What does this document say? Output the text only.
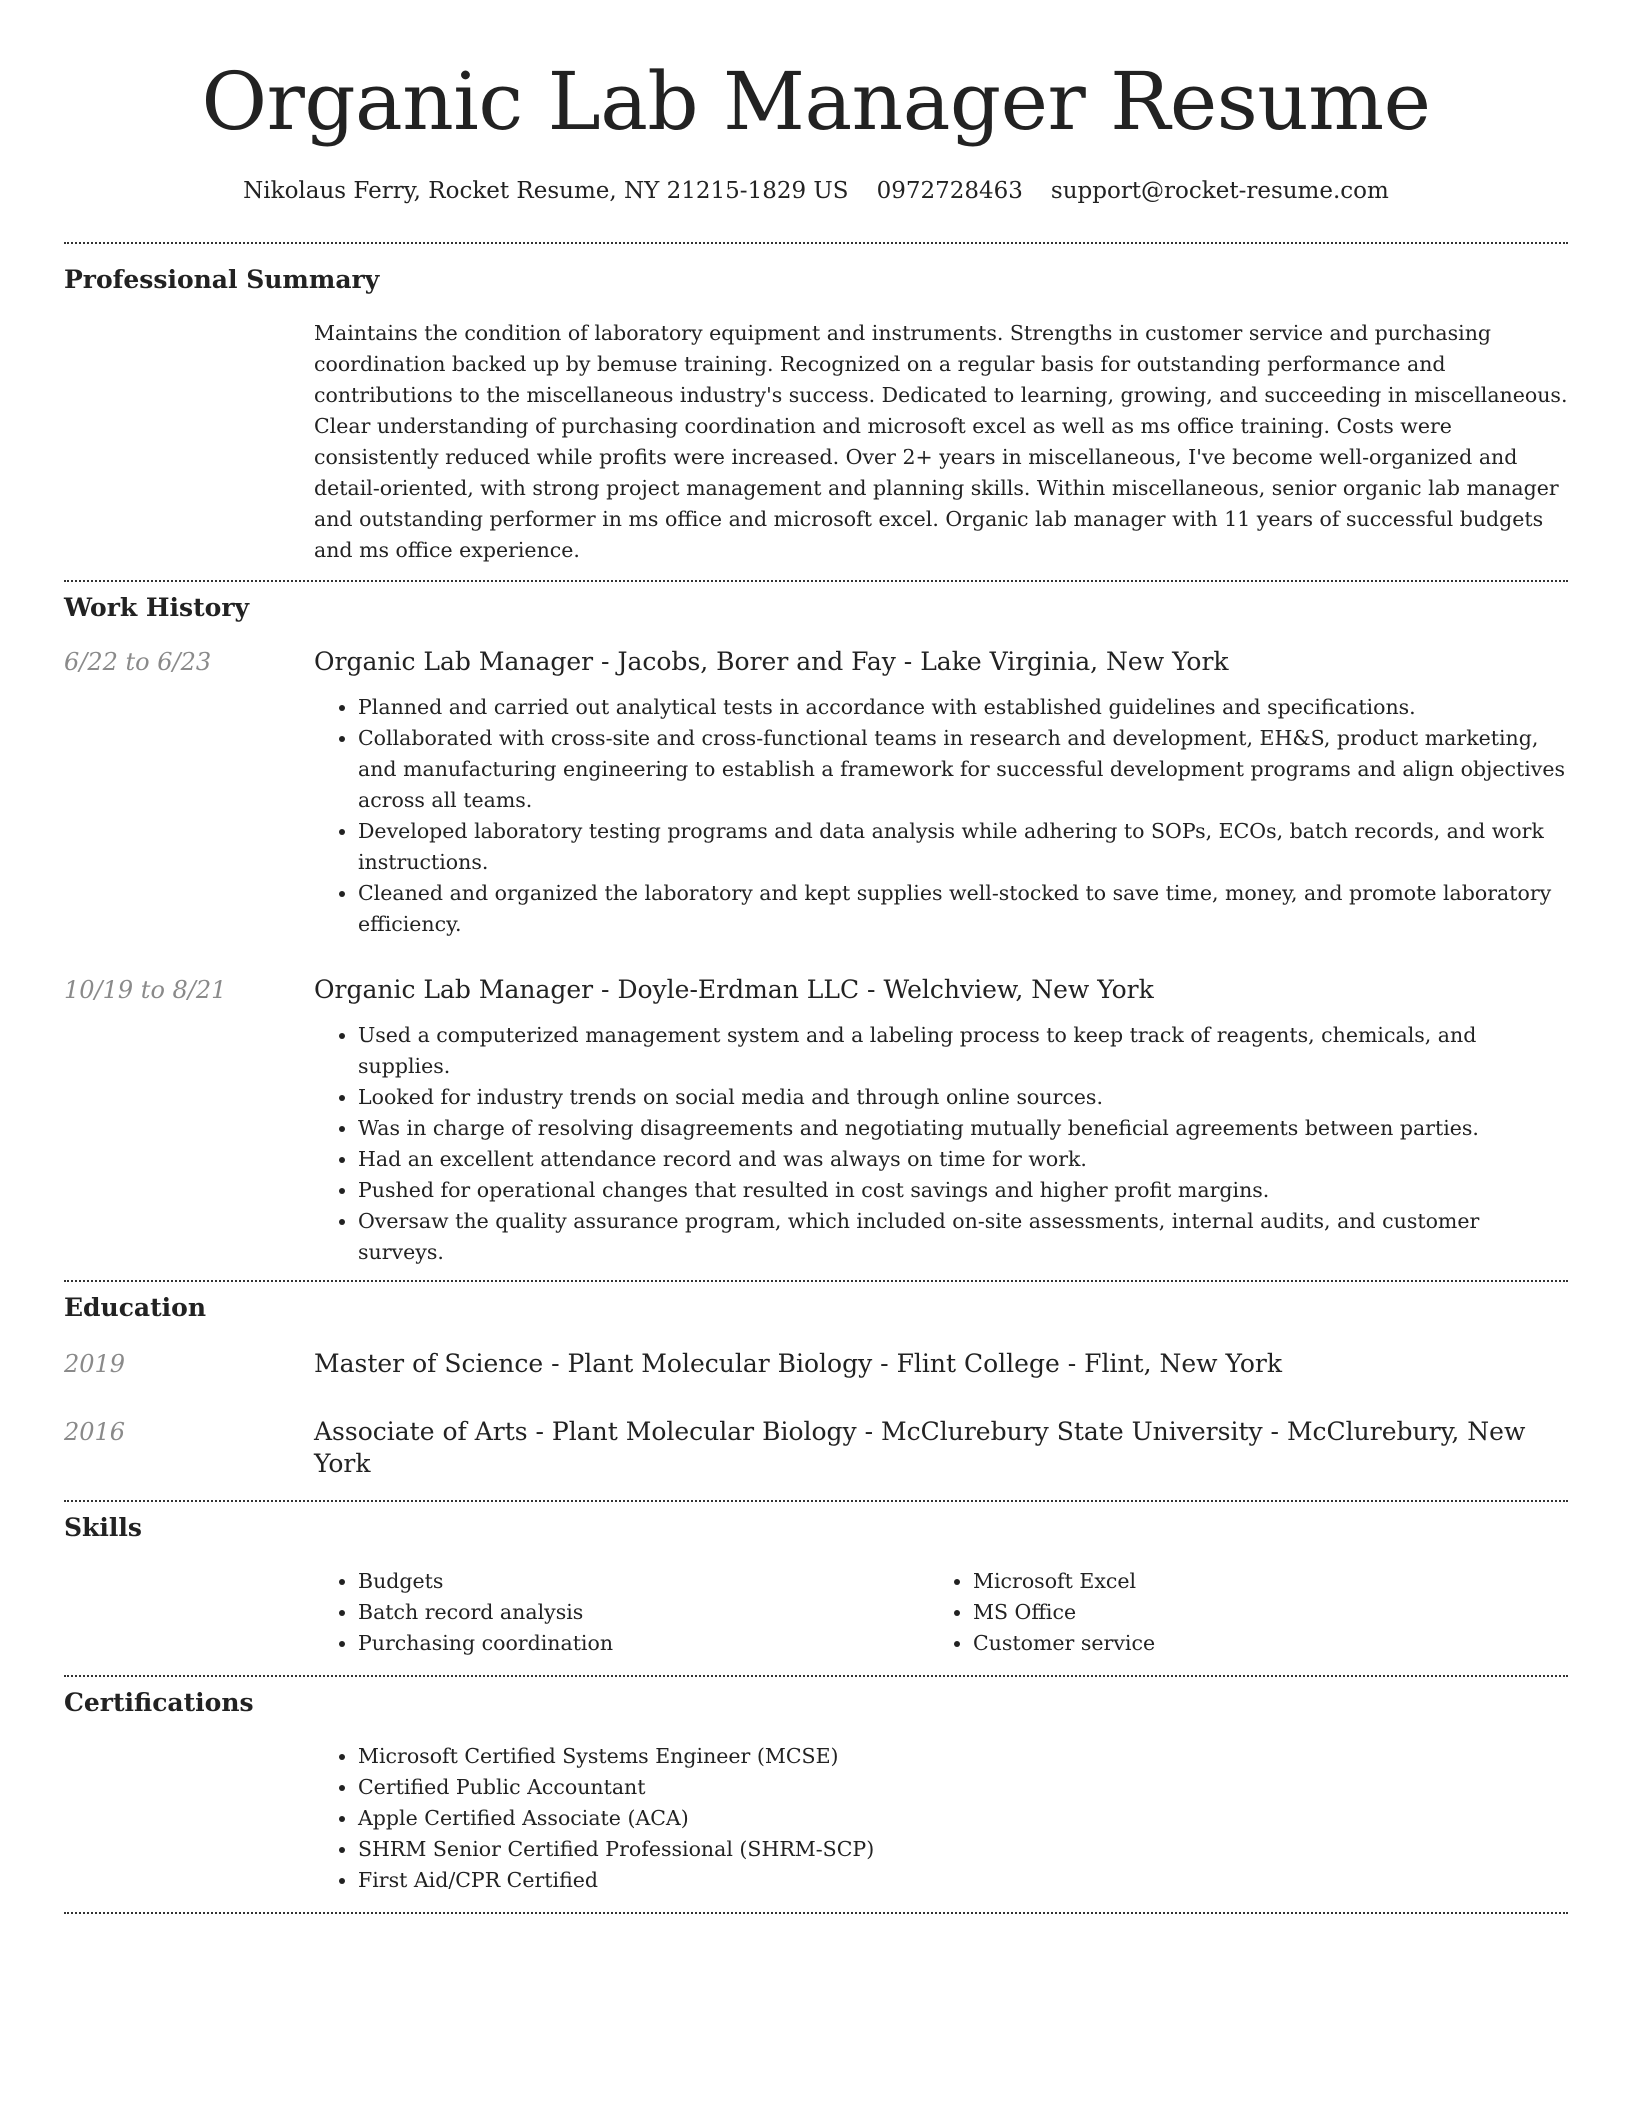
Organic Lab Manager Resume
Nikolaus Ferry, Rocket Resume, NY 21215-1829 US 0972728463 support@rocket-resume.com
Professional Summary
Maintains the condition of laboratory equipment and instruments. Strengths in customer service and purchasing coordination backed up by bemuse training. Recognized on a regular basis for outstanding performance and contributions to the miscellaneous industry's success. Dedicated to learning, growing, and succeeding in miscellaneous. Clear understanding of purchasing coordination and microsoft excel as well as ms office training. Costs were consistently reduced while profits were increased. Over 2+ years in miscellaneous, I've become well-organized and detail-oriented, with strong project management and planning skills. Within miscellaneous, senior organic lab manager and outstanding performer in ms office and microsoft excel. Organic lab manager with 11 years of successful budgets and ms office experience.
Work History
6/22 to 6/23	Organic Lab Manager - Jacobs, Borer and Fay - Lake Virginia, New York
• Planned and carried out analytical tests in accordance with established guidelines and specifications.
• Collaborated with cross-site and cross-functional teams in research and development, EH&S, product marketing, and manufacturing engineering to establish a framework for successful development programs and align objectives across all teams.
• Developed laboratory testing programs and data analysis while adhering to SOPs, ECOs, batch records, and work instructions.
• Cleaned and organized the laboratory and kept supplies well-stocked to save time, money, and promote laboratory efficiency.
10/19 to 8/21	Organic Lab Manager - Doyle-Erdman LLC - Welchview, New York
• Used a computerized management system and a labeling process to keep track of reagents, chemicals, and supplies.
• Looked for industry trends on social media and through online sources.
• Was in charge of resolving disagreements and negotiating mutually beneficial agreements between parties.
• Had an excellent attendance record and was always on time for work.
• Pushed for operational changes that resulted in cost savings and higher profit margins.
• Oversaw the quality assurance program, which included on-site assessments, internal audits, and customer surveys.
Education
2019	Master of Science - Plant Molecular Biology - Flint College - Flint, New York
2016	Associate of Arts - Plant Molecular Biology - McClurebury State University - McClurebury, New York
Skills
• Budgets
• Batch record analysis
• Purchasing coordination
• Microsoft Excel
• MS Office
• Customer service
Certifications
• Microsoft Certified Systems Engineer (MCSE)
• Certified Public Accountant
• Apple Certified Associate (ACA)
• SHRM Senior Certified Professional (SHRM-SCP)
• First Aid/CPR Certified
